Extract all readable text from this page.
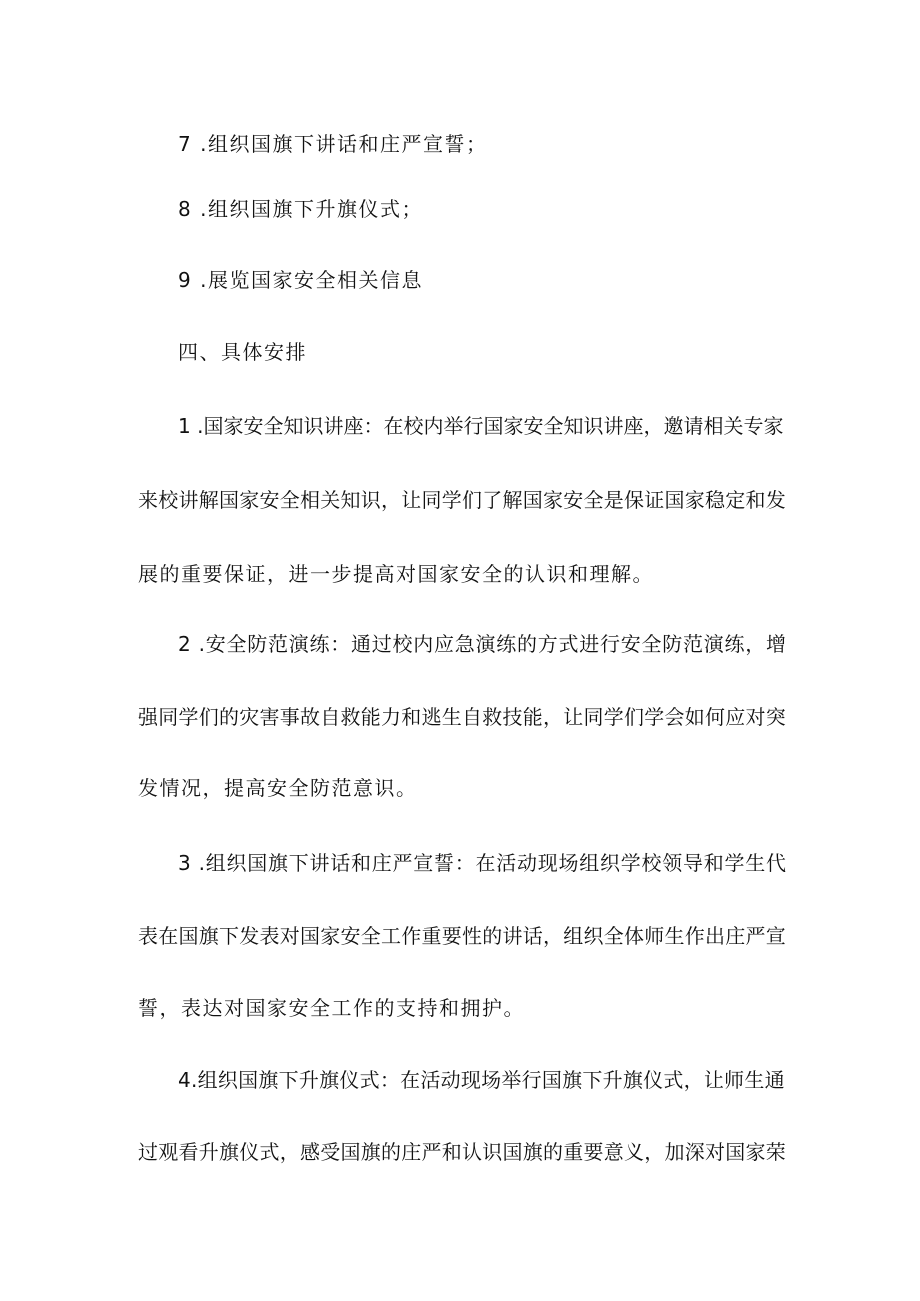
7 .组织国旗下讲话和庄严宣誓；
8 .组织国旗下升旗仪式；
9 .展览国家安全相关信息
四、具体安排
1 .国家安全知识讲座：在校内举行国家安全知识讲座，邀请相关专家
来校讲解国家安全相关知识，让同学们了解国家安全是保证国家稳定和发
展的重要保证，进一步提高对国家安全的认识和理解。
2 .安全防范演练：通过校内应急演练的方式进行安全防范演练，增
强同学们的灾害事故自救能力和逃生自救技能，让同学们学会如何应对突
发情况，提高安全防范意识。
3 .组织国旗下讲话和庄严宣誓：在活动现场组织学校领导和学生代
表在国旗下发表对国家安全工作重要性的讲话，组织全体师生作出庄严宣
誓，表达对国家安全工作的支持和拥护。
4.组织国旗下升旗仪式：在活动现场举行国旗下升旗仪式，让师生通
过观看升旗仪式，感受国旗的庄严和认识国旗的重要意义，加深对国家荣
